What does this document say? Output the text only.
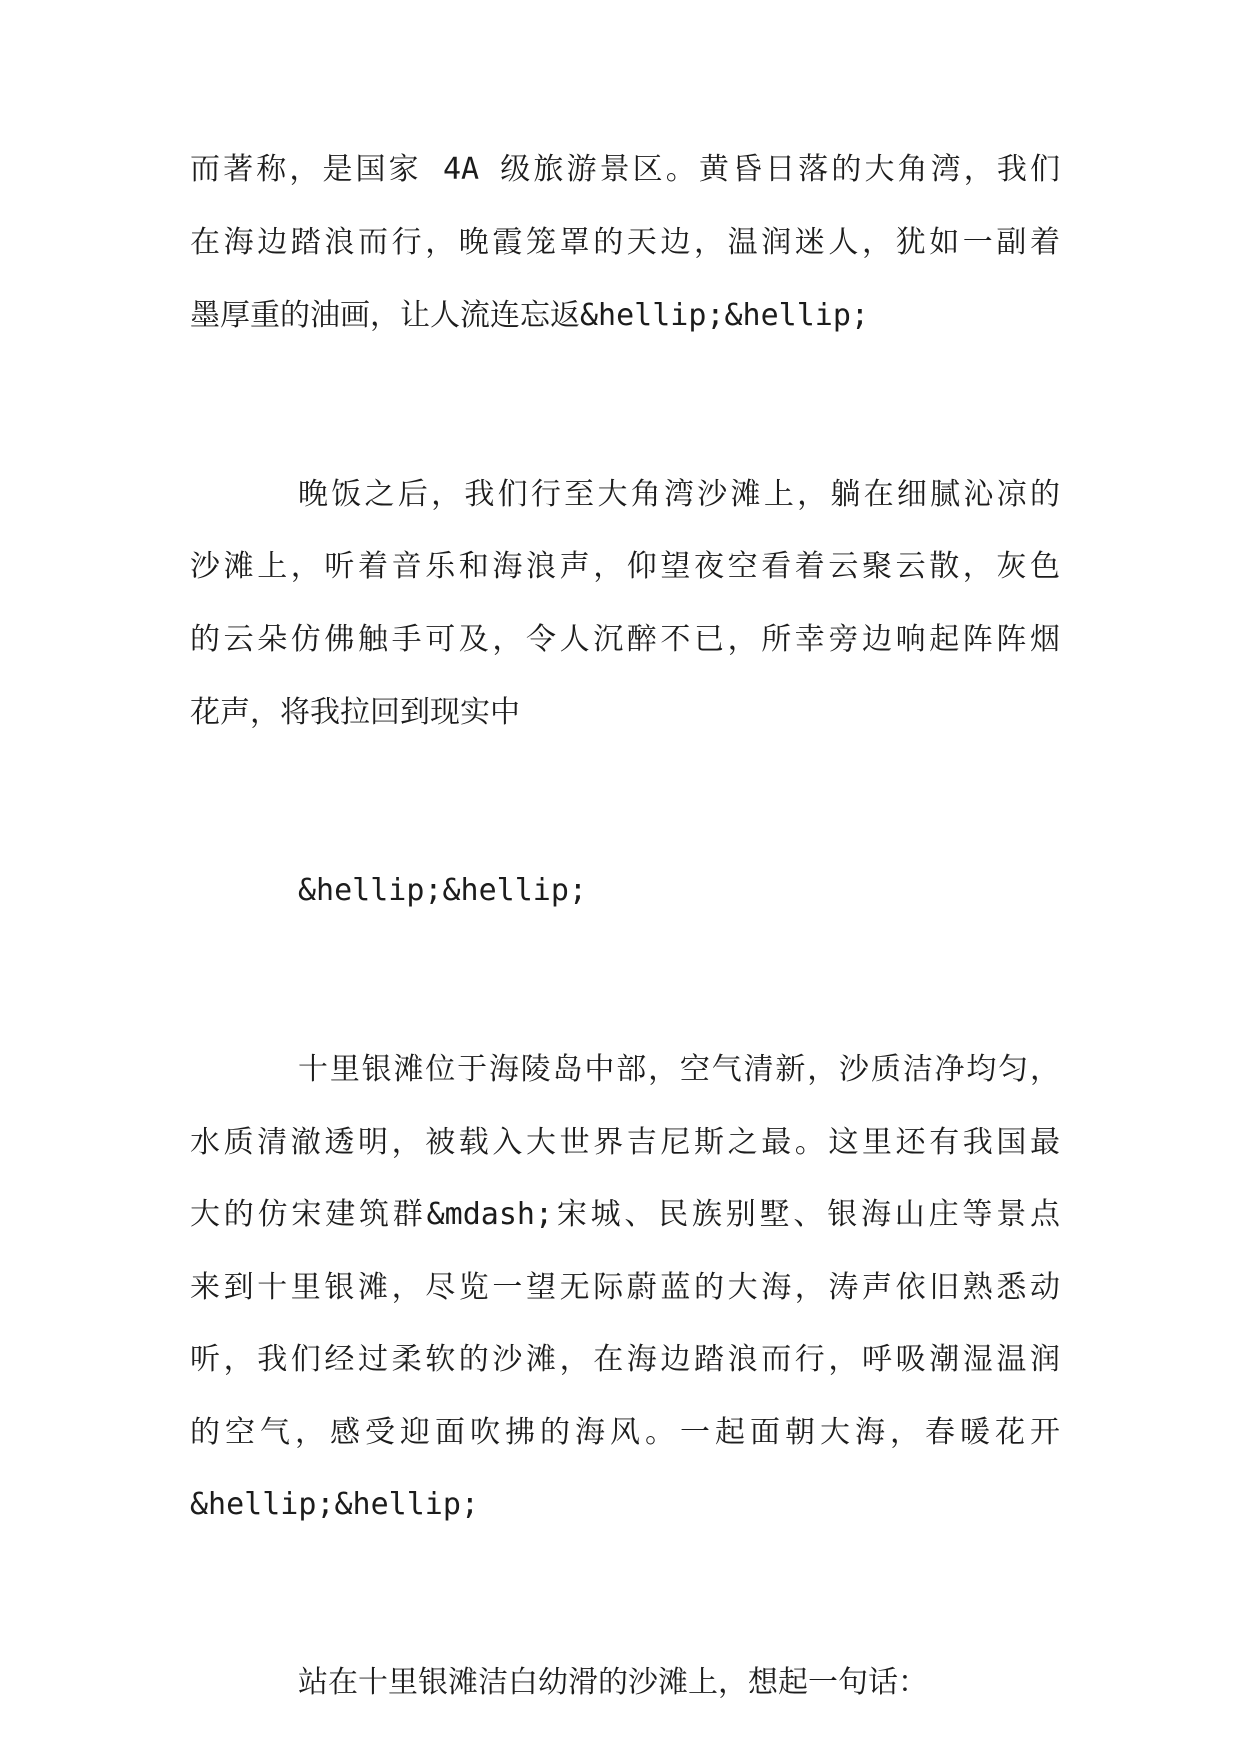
而著称，是国家 4A 级旅游景区。黄昏日落的大角湾，我们
在海边踏浪而行，晚霞笼罩的天边，温润迷人，犹如一副着
墨厚重的油画，让人流连忘返&hellip;&hellip;
晚饭之后，我们行至大角湾沙滩上，躺在细腻沁凉的
沙滩上，听着音乐和海浪声，仰望夜空看着云聚云散，灰色
的云朵仿佛触手可及，令人沉醉不已，所幸旁边响起阵阵烟
花声，将我拉回到现实中
&hellip;&hellip;
十里银滩位于海陵岛中部，空气清新，沙质洁净均匀，
水质清澈透明，被载入大世界吉尼斯之最。这里还有我国最
大的仿宋建筑群&mdash;宋城、民族别墅、银海山庄等景点
来到十里银滩，尽览一望无际蔚蓝的大海，涛声依旧熟悉动
听，我们经过柔软的沙滩，在海边踏浪而行，呼吸潮湿温润
的空气，感受迎面吹拂的海风。一起面朝大海，春暖花开
&hellip;&hellip;
站在十里银滩洁白幼滑的沙滩上，想起一句话：
